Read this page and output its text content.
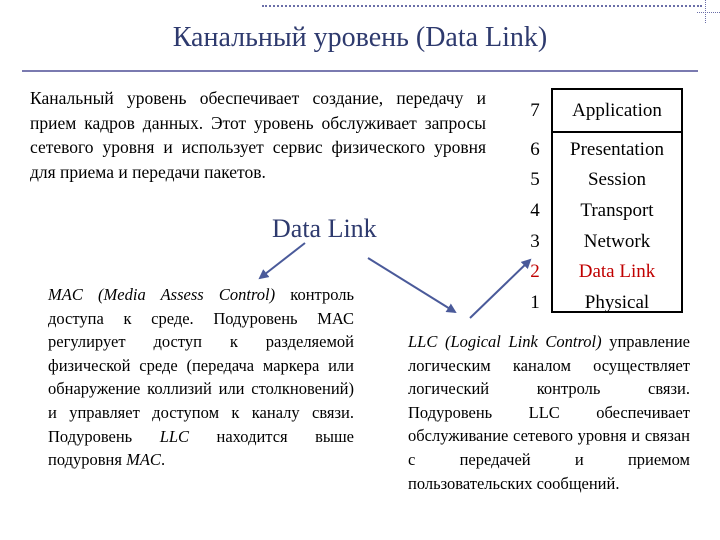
Канальный уровень (Data Link)
Канальный уровень обеспечивает создание, передачу и прием кадров данных. Этот уровень обслуживает запросы сетевого уровня и использует сервис физического уровня для приема и передачи пакетов.
Data Link
7	Application
6	Presentation
5	Session
4	Transport
3	Network
2	Data Link
1	Physical
MAC (Media Assess Control) контроль доступа к среде. Подуровень МАС регулирует доступ к разделяемой физической среде (передача маркера или обнаружение коллизий или столкновений) и управляет доступом к каналу связи. Подуровень LLC находится выше подуровня MAC.
LLC (Logical Link Control) управление логическим каналом осуществляет логический контроль связи. Подуровень LLC обеспечивает обслуживание сетевого уровня и связан с передачей и приемом пользовательских сообщений.
